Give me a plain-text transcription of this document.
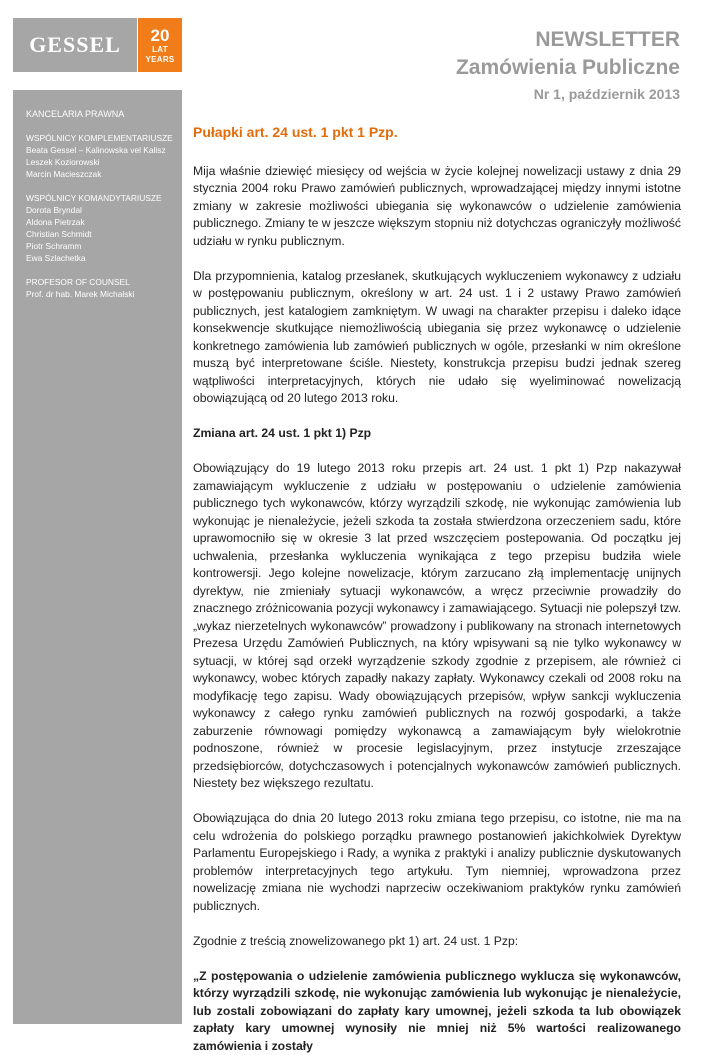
GESSEL 20
LAT
YEARS
NEWSLETTER
Zamówienia Publiczne
Nr 1, październik 2013
KANCELARIA PRAWNA
WSPÓLNICY KOMPLEMENTARIUSZE
Beata Gessel – Kalinowska vel Kalisz
Leszek Koziorowski
Marcin Macieszczak
WSPÓLNICY KOMANDYTARIUSZE
Dorota Bryndal
Aldona Pietrzak
Christian Schmidt
Piotr Schramm
Ewa Szlachetka
PROFESOR OF COUNSEL
Prof. dr hab. Marek Michalski
Pułapki art. 24 ust. 1 pkt 1 Pzp.

Mija właśnie dziewięć miesięcy od wejścia w życie kolejnej nowelizacji ustawy z dnia 29 stycznia 2004 roku Prawo zamówień publicznych, wprowadzającej między innymi istotne zmiany w zakresie możliwości ubiegania się wykonawców o udzielenie zamówienia publicznego. Zmiany te w jeszcze większym stopniu niż dotychczas ograniczyły możliwość udziału w rynku publicznym.

Dla przypomnienia, katalog przesłanek, skutkujących wykluczeniem wykonawcy z udziału w postępowaniu publicznym, określony w art. 24 ust. 1 i 2 ustawy Prawo zamówień publicznych, jest katalogiem zamkniętym. W uwagi na charakter przepisu i daleko idące konsekwencje skutkujące niemożliwością ubiegania się przez wykonawcę o udzielenie konkretnego zamówienia lub zamówień publicznych w ogóle, przesłanki w nim określone muszą być interpretowane ściśle. Niestety, konstrukcja przepisu budzi jednak szereg wątpliwości interpretacyjnych, których nie udało się wyeliminować nowelizacją obowiązującą od 20 lutego 2013 roku.

Zmiana art. 24 ust. 1 pkt 1) Pzp

Obowiązujący do 19 lutego 2013 roku przepis art. 24 ust. 1 pkt 1) Pzp nakazywał zamawiającym wykluczenie z udziału w postępowaniu o udzielenie zamówienia publicznego tych wykonawców, którzy wyrządzili szkodę, nie wykonując zamówienia lub wykonując je nienależycie, jeżeli szkoda ta została stwierdzona orzeczeniem sadu, które uprawomocniło się w okresie 3 lat przed wszczęciem postepowania. Od początku jej uchwalenia, przesłanka wykluczenia wynikająca z tego przepisu budziła wiele kontrowersji. Jego kolejne nowelizacje, którym zarzucano złą implementację unijnych dyrektyw, nie zmieniały sytuacji wykonawców, a wręcz przeciwnie prowadziły do znacznego zróżnicowania pozycji wykonawcy i zamawiającego. Sytuacji nie polepszył tzw. „wykaz nierzetelnych wykonawców” prowadzony i publikowany na stronach internetowych Prezesa Urzędu Zamówień Publicznych, na który wpisywani są nie tylko wykonawcy w sytuacji, w której sąd orzekł wyrządzenie szkody zgodnie z przepisem, ale również ci wykonawcy, wobec których zapadły nakazy zapłaty. Wykonawcy czekali od 2008 roku na modyfikację tego zapisu. Wady obowiązujących przepisów, wpływ sankcji wykluczenia wykonawcy z całego rynku zamówień publicznych na rozwój gospodarki, a także zaburzenie równowagi pomiędzy wykonawcą a zamawiającym były wielokrotnie podnoszone, również w procesie legislacyjnym, przez instytucje zrzeszające przedsiębiorców, dotychczasowych i potencjalnych wykonawców zamówień publicznych. Niestety bez większego rezultatu.

Obowiązująca do dnia 20 lutego 2013 roku zmiana tego przepisu, co istotne, nie ma na celu wdrożenia do polskiego porządku prawnego postanowień jakichkolwiek Dyrektyw Parlamentu Europejskiego i Rady, a wynika z praktyki i analizy publicznie dyskutowanych problemów interpretacyjnych tego artykułu. Tym niemniej, wprowadzona przez nowelizację zmiana nie wychodzi naprzeciw oczekiwaniom praktyków rynku zamówień publicznych.

Zgodnie z treścią znowelizowanego pkt 1) art. 24 ust. 1 Pzp:

„Z postępowania o udzielenie zamówienia publicznego wyklucza się wykonawców, którzy wyrządzili szkodę, nie wykonując zamówienia lub wykonując je nienależycie, lub zostali zobowiązani do zapłaty kary umownej, jeżeli szkoda ta lub obowiązek zapłaty kary umownej wynosiły nie mniej niż 5% wartości realizowanego zamówienia i zostały
